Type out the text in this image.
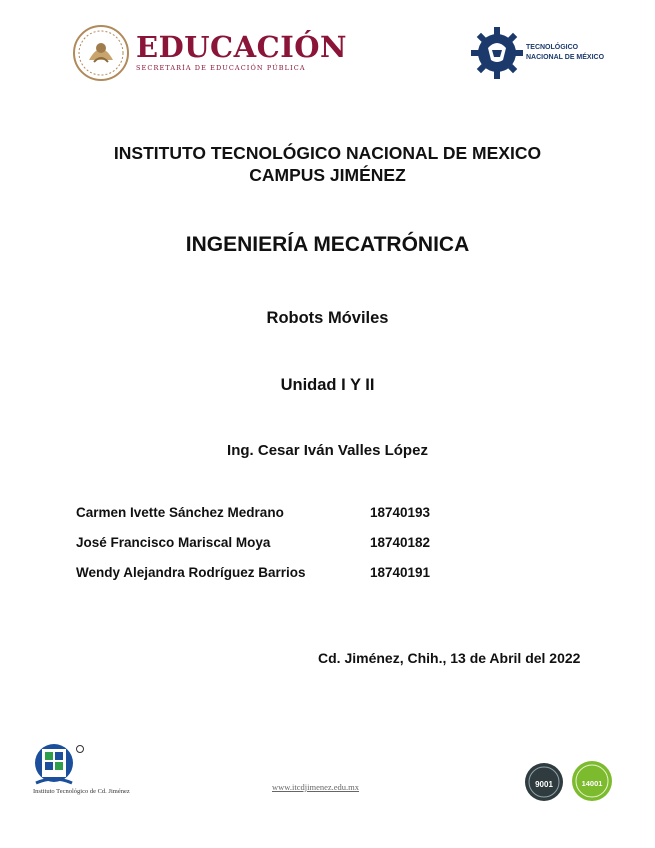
EDUCACIÓN
SECRETARÍA DE EDUCACIÓN PÚBLICA
TECNOLÓGICO
NACIONAL DE MÉXICO
INSTITUTO TECNOLÓGICO NACIONAL DE MEXICO
CAMPUS JIMÉNEZ
INGENIERÍA MECATRÓNICA
Robots Móviles
Unidad I Y II
Ing. Cesar Iván Valles López
Carmen Ivette Sánchez Medrano	18740193
José Francisco Mariscal Moya	18740182
Wendy Alejandra Rodríguez Barrios	18740191
Cd. Jiménez, Chih., 13 de Abril del 2022
Instituto Tecnológico de Cd. Jiménez	www.itcdjimenez.edu.mx	9001	14001
